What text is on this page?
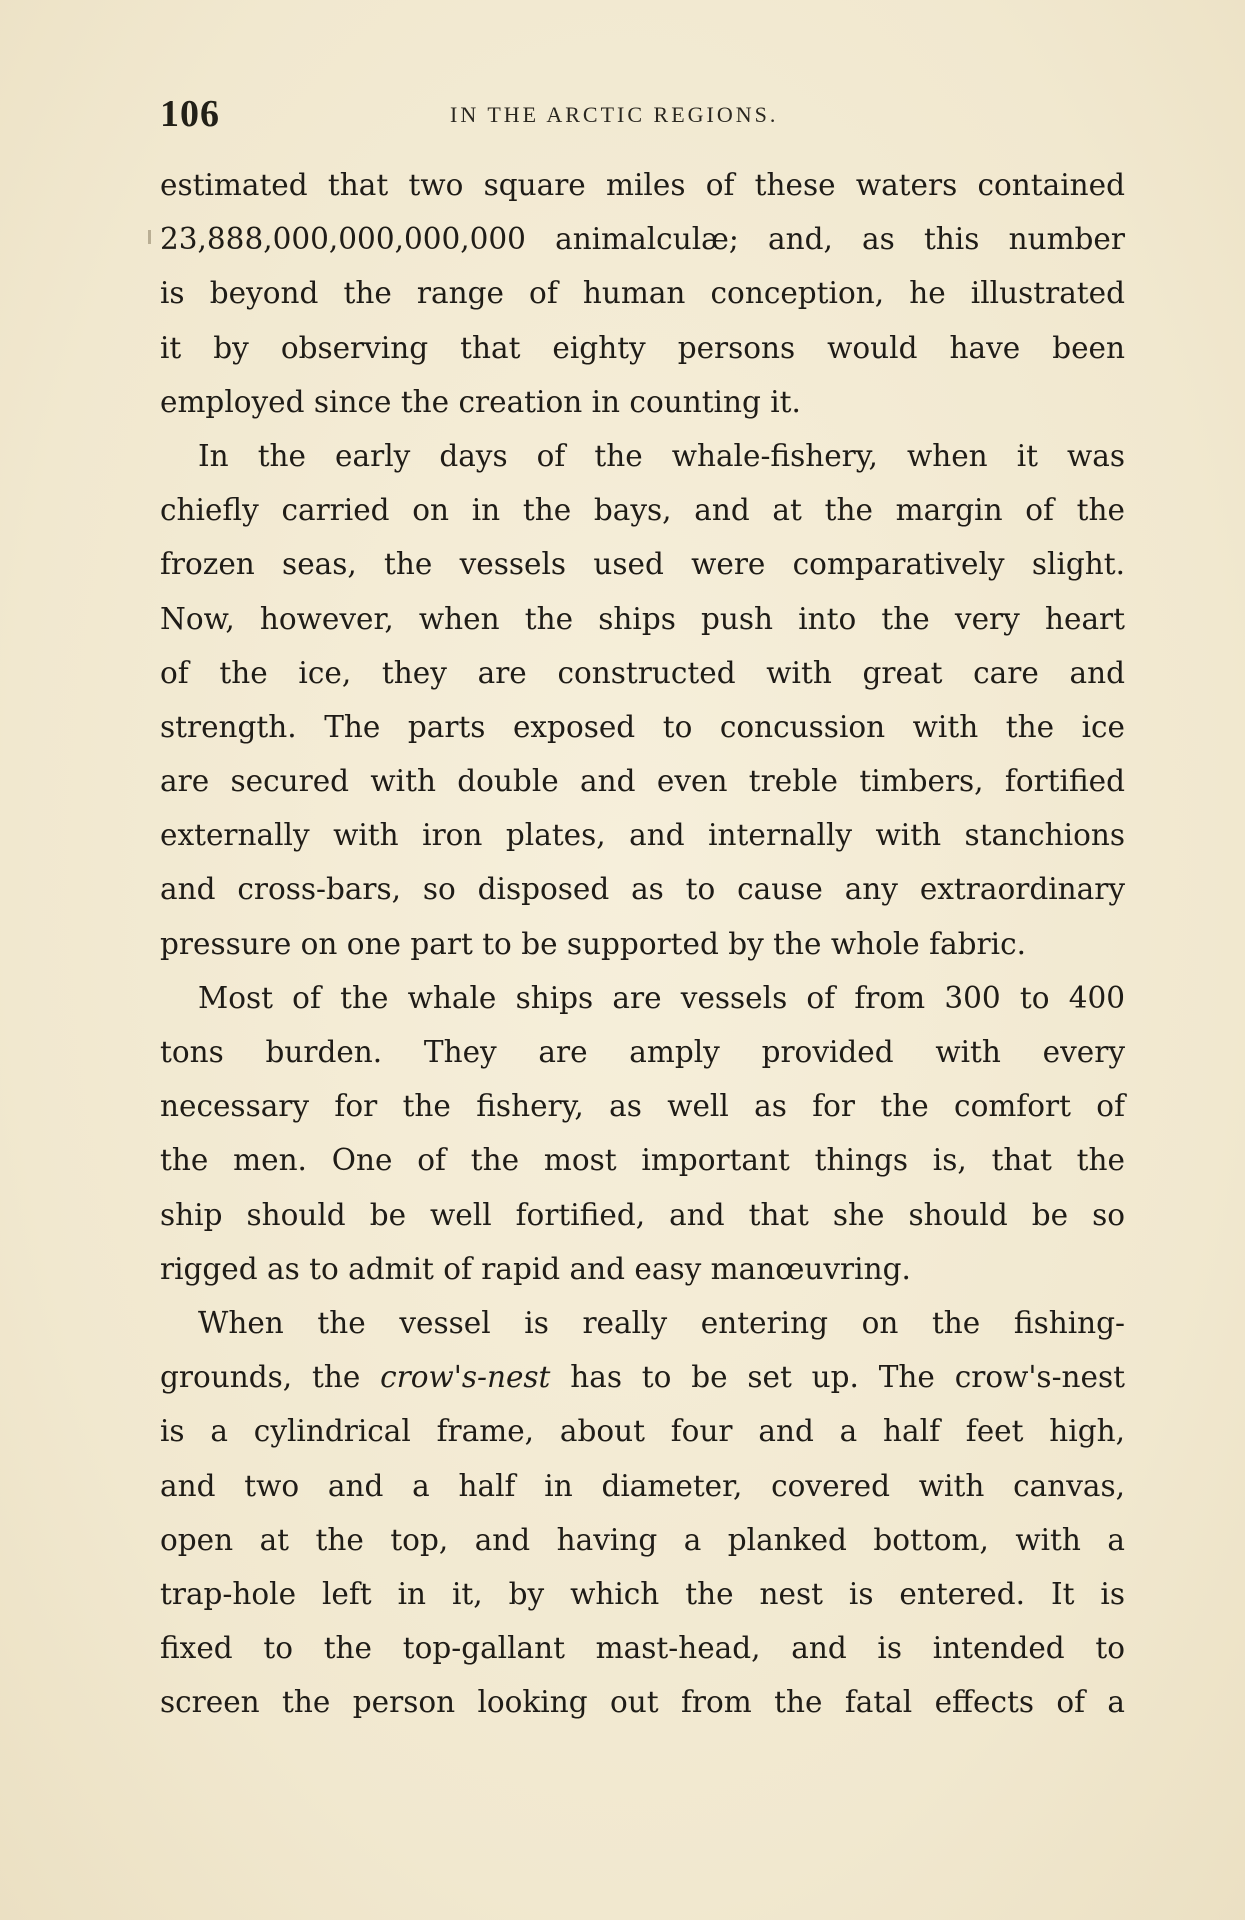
106	IN THE ARCTIC REGIONS.
estimated that two square miles of these waters contained
23,888,000,000,000,000 animalculæ; and, as this number
is beyond the range of human conception, he illustrated
it by observing that eighty persons would have been
employed since the creation in counting it.
In the early days of the whale-fishery, when it was
chiefly carried on in the bays, and at the margin of the
frozen seas, the vessels used were comparatively slight.
Now, however, when the ships push into the very heart
of the ice, they are constructed with great care and
strength. The parts exposed to concussion with the ice
are secured with double and even treble timbers, fortified
externally with iron plates, and internally with stanchions
and cross-bars, so disposed as to cause any extraordinary
pressure on one part to be supported by the whole fabric.
Most of the whale ships are vessels of from 300 to 400
tons burden. They are amply provided with every
necessary for the fishery, as well as for the comfort of
the men. One of the most important things is, that the
ship should be well fortified, and that she should be so
rigged as to admit of rapid and easy manœuvring.
When the vessel is really entering on the fishing-
grounds, the crow's-nest has to be set up. The crow's-nest
is a cylindrical frame, about four and a half feet high,
and two and a half in diameter, covered with canvas,
open at the top, and having a planked bottom, with a
trap-hole left in it, by which the nest is entered. It is
fixed to the top-gallant mast-head, and is intended to
screen the person looking out from the fatal effects of a
